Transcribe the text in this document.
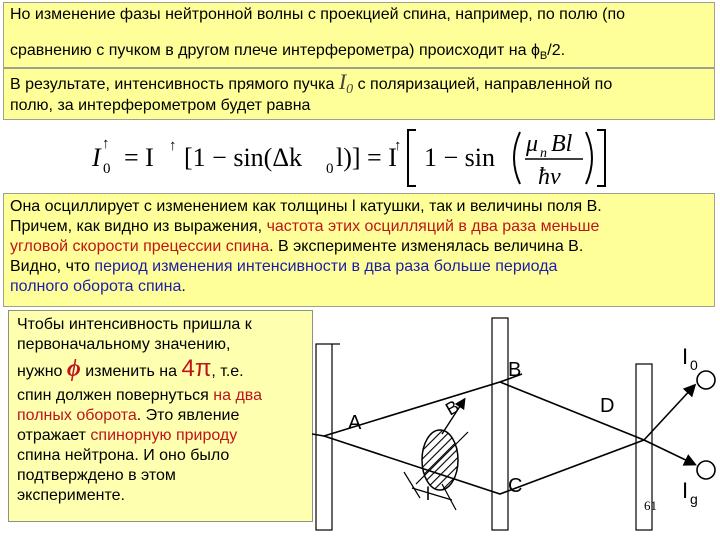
Но изменение фазы нейтронной волны с проекцией спина, например, по полю (по
сравнению с пучком в другом плече интерферометра) происходит на $\phi_B/2$.
В результате, интенсивность прямого пучка $I_0$ с поляризацией, направленной по
полю, за интерферометром будет равна
I 0
↑ = I ↑ [1 − sin(Δk 0 l)] = I
↑ 1 − sin μ n Bl
ħv
Она осциллирует с изменением как толщины l катушки, так и величины поля B.
Причем, как видно из выражения, частота этих осцилляций в два раза меньше
угловой скорости прецессии спина. В эксперименте изменялась величина B.
Видно, что период изменения интенсивности в два раза больше периода
полного оборота спина.
Чтобы интенсивность пришла к
первоначальному значению,
нужно ϕ изменить на 4π, т.е.
спин должен повернуться на два
полных оборота. Это явление
отражает спинорную природу
спина нейтрона. И оно было
подтверждено в этом
эксперименте.
A
B
C
D
B
l
I 0
I g
61
